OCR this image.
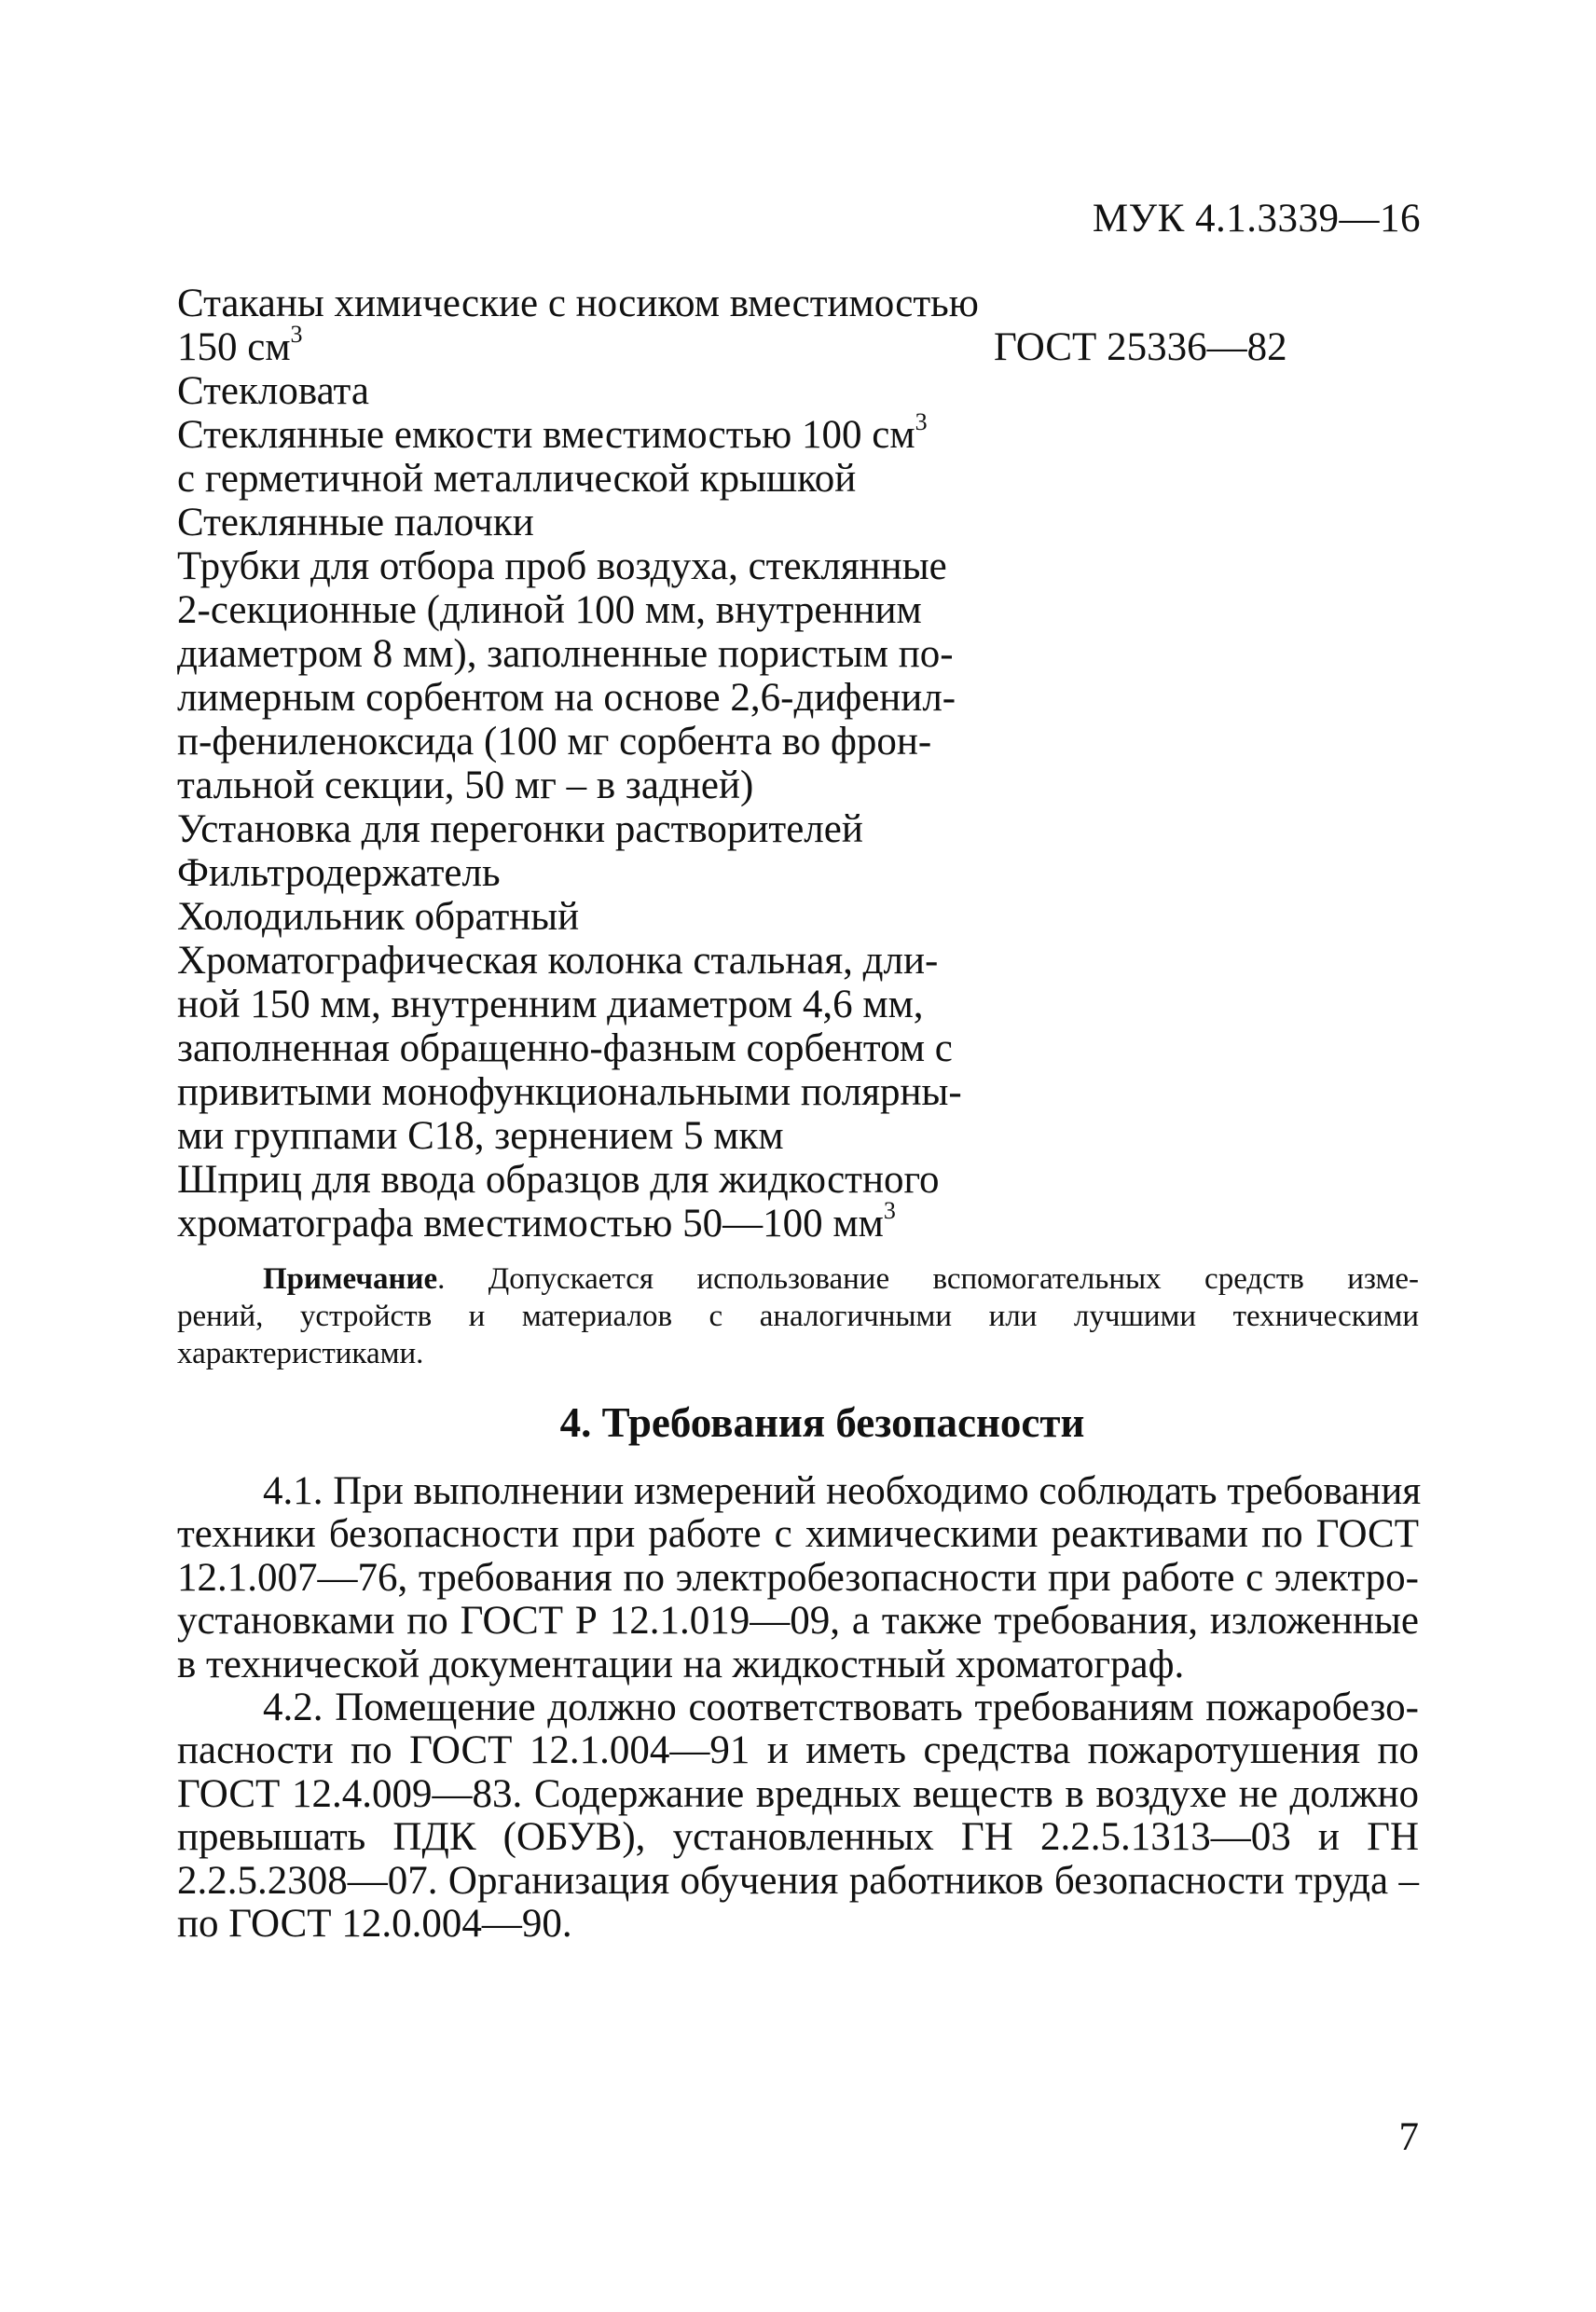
МУК 4.1.3339—16
Стаканы химические с носиком вместимостью
150 $см^3$	ГОСТ 25336—82
Стекловата
Стеклянные емкости вместимостью 100 $см^3$
с герметичной металлической крышкой
Стеклянные палочки
Трубки для отбора проб воздуха, стеклянные
2-секционные (длиной 100 мм, внутренним
диаметром 8 мм), заполненные пористым по-
лимерным сорбентом на основе 2,6-дифенил-
п-фениленоксида (100 мг сорбента во фрон-
тальной секции, 50 мг – в задней)
Установка для перегонки растворителей
Фильтродержатель
Холодильник обратный
Хроматографическая колонка стальная, дли-
ной 150 мм, внутренним диаметром 4,6 мм,
заполненная обращенно-фазным сорбентом с
привитыми монофункциональными полярны-
ми группами С18, зернением 5 мкм
Шприц для ввода образцов для жидкостного
хроматографа вместимостью 50—100 $мм^3$
Примечание. Допускается использование вспомогательных средств изме-
рений, устройств и материалов с аналогичными или лучшими техническими
характеристиками.
4. Требования безопасности
4.1. При выполнении измерений необходимо соблюдать требования
техники безопасности при работе с химическими реактивами по ГОСТ
12.1.007—76, требования по электробезопасности при работе с электро-
установками по ГОСТ Р 12.1.019—09, а также требования, изложенные
в технической документации на жидкостный хроматограф.
4.2. Помещение должно соответствовать требованиям пожаробезо-
пасности по ГОСТ 12.1.004—91 и иметь средства пожаротушения по
ГОСТ 12.4.009—83. Содержание вредных веществ в воздухе не должно
превышать ПДК (ОБУВ), установленных ГН 2.2.5.1313—03 и ГН
2.2.5.2308—07. Организация обучения работников безопасности труда –
по ГОСТ 12.0.004—90.
7
